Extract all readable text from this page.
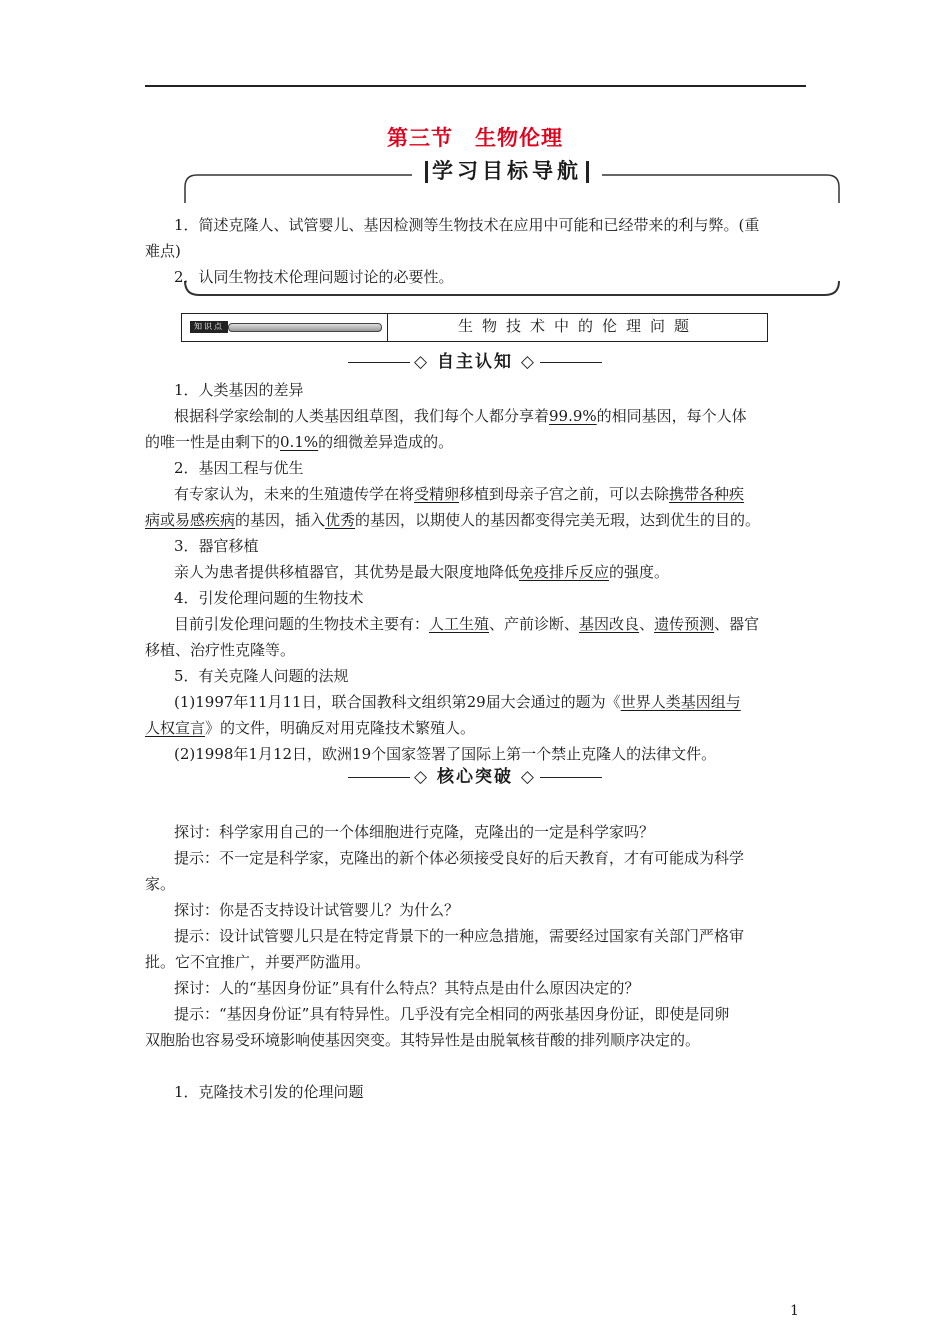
第三节　生物伦理
学习目标导航
1．简述克隆人、试管婴儿、基因检测等生物技术在应用中可能和已经带来的利与弊。(重
难点)
2．认同生物技术伦理问题讨论的必要性。
知识点	生物技术中的伦理问题
◇ 自主认知 ◇
1．人类基因的差异
根据科学家绘制的人类基因组草图，我们每个人都分享着99.9%的相同基因，每个人体
的唯一性是由剩下的0.1%的细微差异造成的。
2．基因工程与优生
有专家认为，未来的生殖遗传学在将受精卵移植到母亲子宫之前，可以去除携带各种疾
病或易感疾病的基因，插入优秀的基因，以期使人的基因都变得完美无瑕，达到优生的目的。
3．器官移植
亲人为患者提供移植器官，其优势是最大限度地降低免疫排斥反应的强度。
4．引发伦理问题的生物技术
目前引发伦理问题的生物技术主要有：人工生殖、产前诊断、基因改良、遗传预测、器官
移植、治疗性克隆等。
5．有关克隆人问题的法规
(1)1997年11月11日，联合国教科文组织第29届大会通过的题为《世界人类基因组与
人权宣言》的文件，明确反对用克隆技术繁殖人。
(2)1998年1月12日，欧洲19个国家签署了国际上第一个禁止克隆人的法律文件。
◇ 核心突破 ◇
探讨：科学家用自己的一个体细胞进行克隆，克隆出的一定是科学家吗？
提示：不一定是科学家，克隆出的新个体必须接受良好的后天教育，才有可能成为科学
家。
探讨：你是否支持设计试管婴儿？为什么？
提示：设计试管婴儿只是在特定背景下的一种应急措施，需要经过国家有关部门严格审
批。它不宜推广，并要严防滥用。
探讨：人的“基因身份证”具有什么特点？其特点是由什么原因决定的？
提示：“基因身份证”具有特异性。几乎没有完全相同的两张基因身份证，即使是同卵
双胞胎也容易受环境影响使基因突变。其特异性是由脱氧核苷酸的排列顺序决定的。
1．克隆技术引发的伦理问题
1
